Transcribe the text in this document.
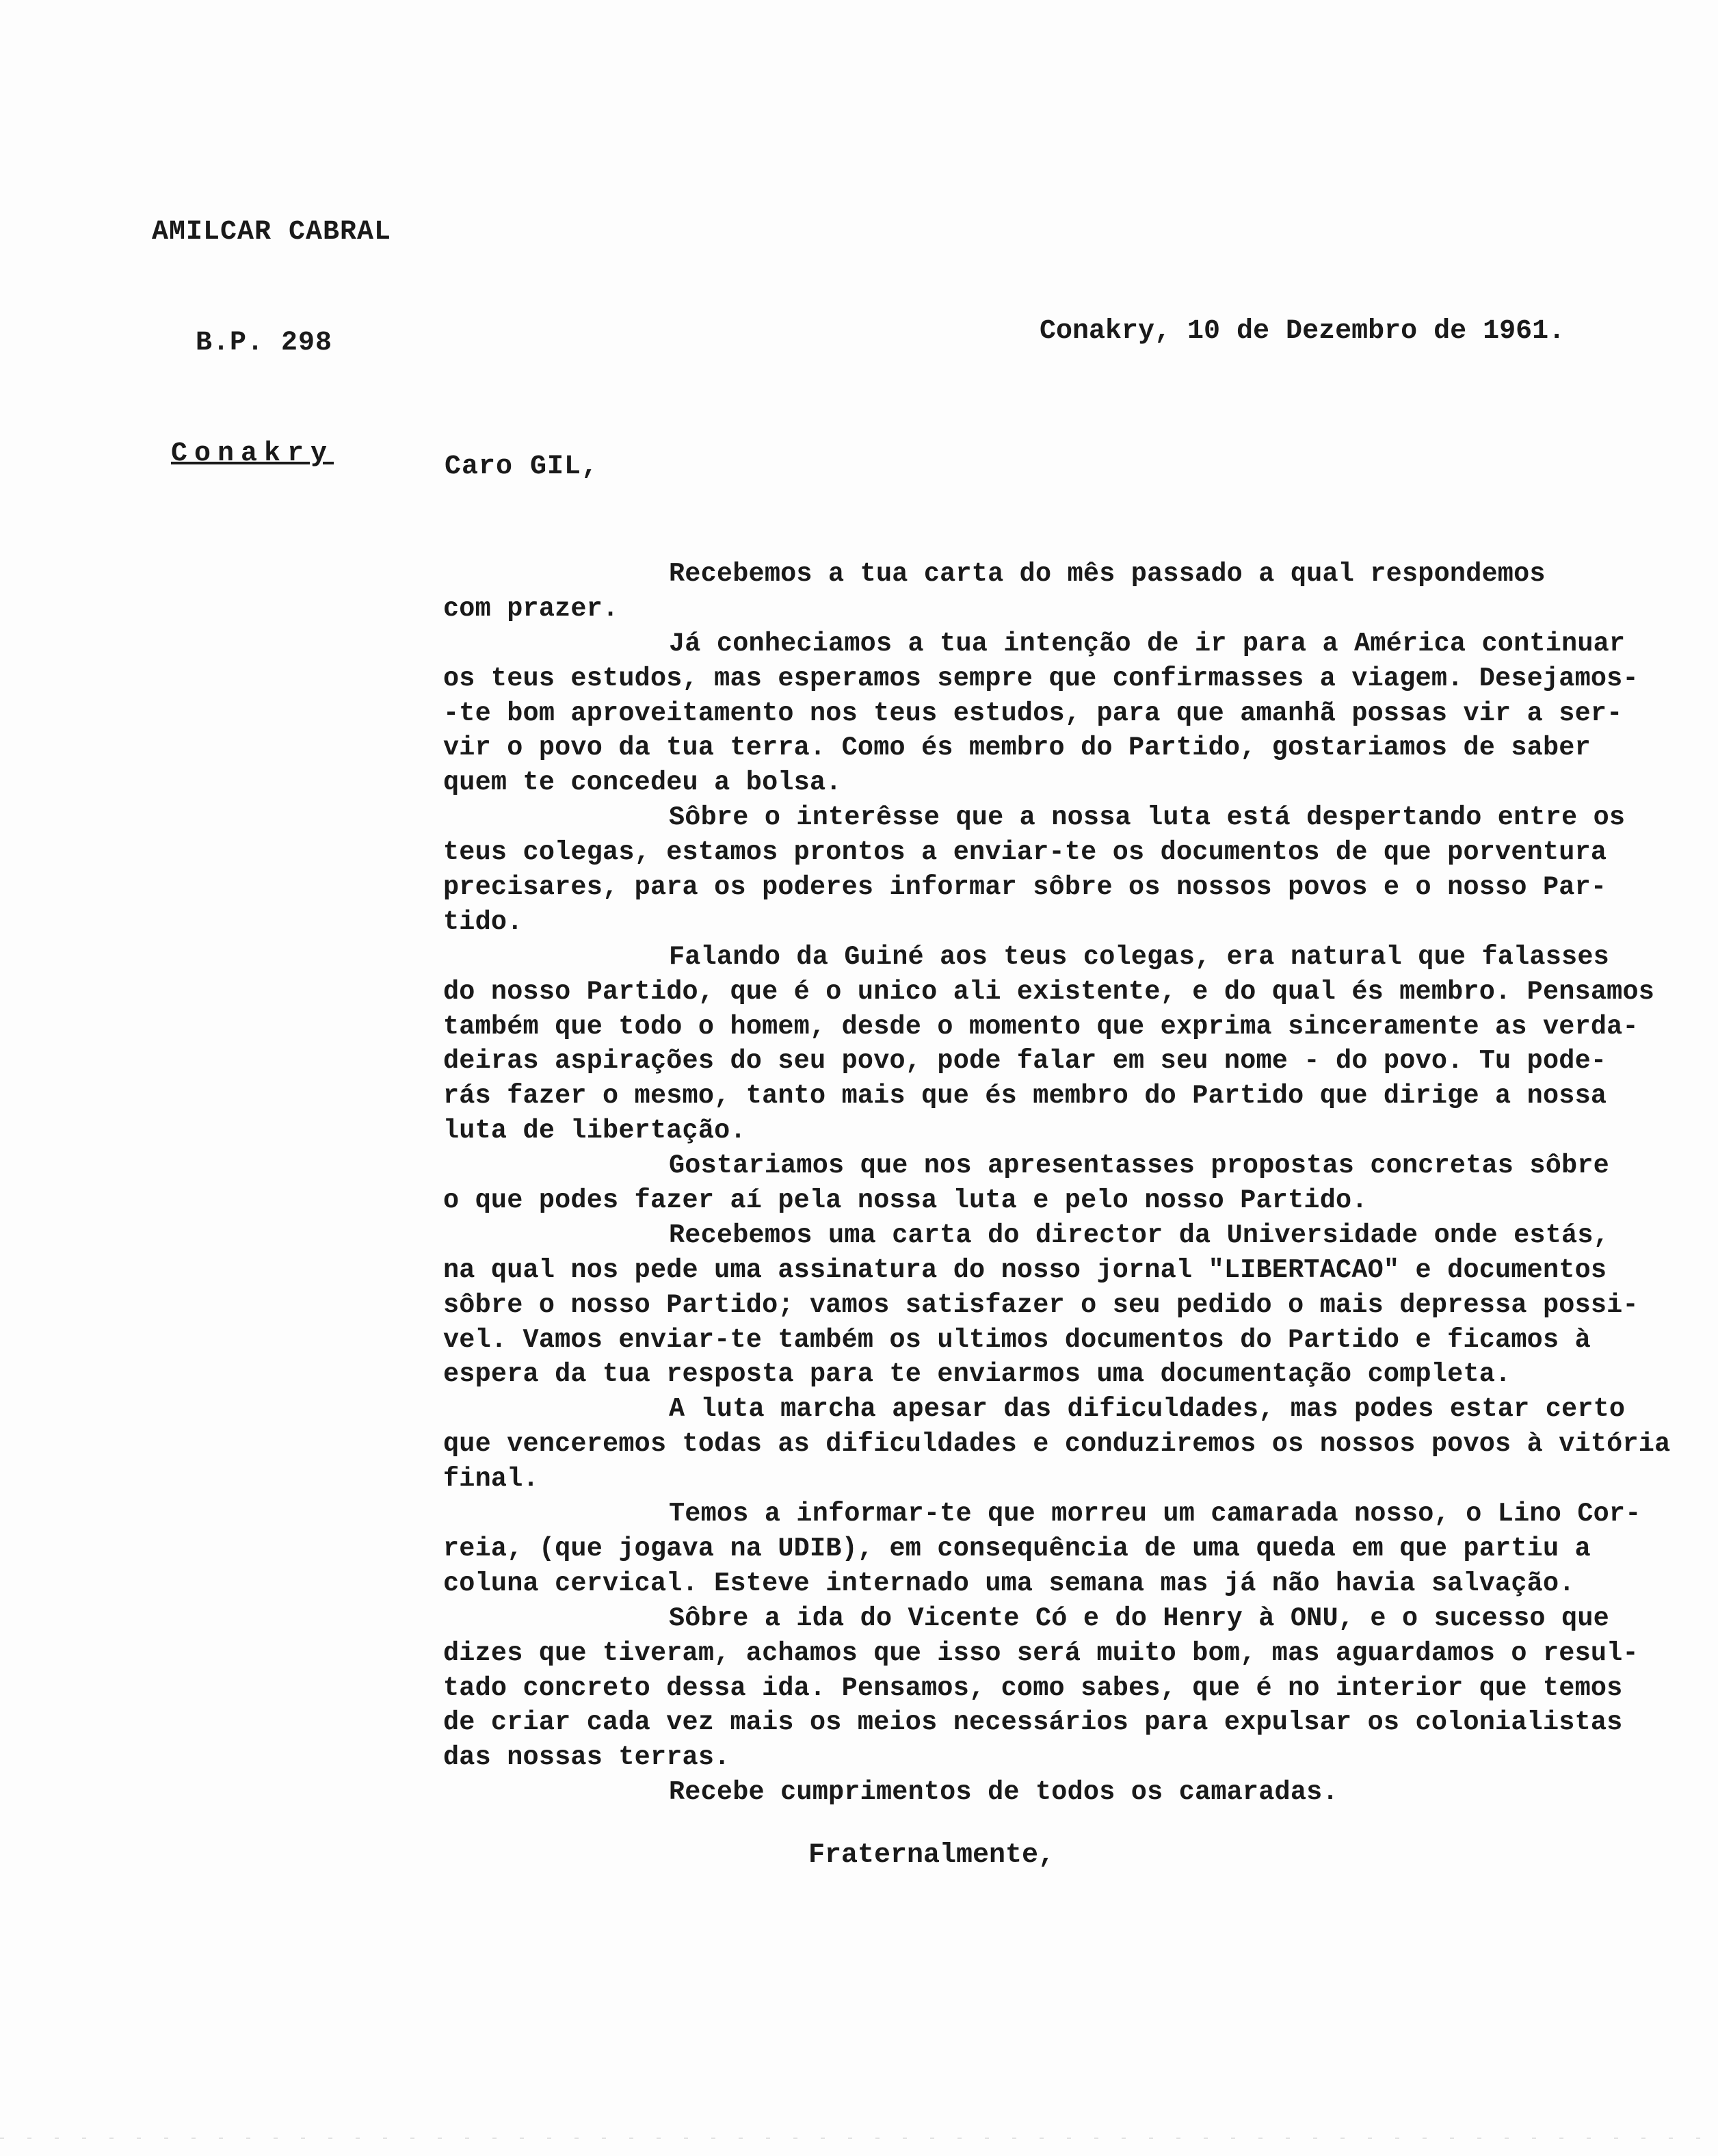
AMILCAR CABRAL

B.P. 298

Conakry

Conakry, 10 de Dezembro de 1961.
Caro GIL,
Recebemos a tua carta do mês passado a qual respondemos
com prazer.
Já conheciamos a tua intenção de ir para a América continuar
os teus estudos, mas esperamos sempre que confirmasses a viagem. Desejamos-
-te bom aproveitamento nos teus estudos, para que amanhã possas vir a ser-
vir o povo da tua terra. Como és membro do Partido, gostariamos de saber
quem te concedeu a bolsa.
Sôbre o interêsse que a nossa luta está despertando entre os
teus colegas, estamos prontos a enviar-te os documentos de que porventura
precisares, para os poderes informar sôbre os nossos povos e o nosso Par-
tido.
Falando da Guiné aos teus colegas, era natural que falasses
do nosso Partido, que é o unico ali existente, e do qual és membro. Pensamos
também que todo o homem, desde o momento que exprima sinceramente as verda-
deiras aspirações do seu povo, pode falar em seu nome - do povo. Tu pode-
rás fazer o mesmo, tanto mais que és membro do Partido que dirige a nossa
luta de libertação.
Gostariamos que nos apresentasses propostas concretas sôbre
o que podes fazer aí pela nossa luta e pelo nosso Partido.
Recebemos uma carta do director da Universidade onde estás,
na qual nos pede uma assinatura do nosso jornal "LIBERTACAO" e documentos
sôbre o nosso Partido; vamos satisfazer o seu pedido o mais depressa possi-
vel. Vamos enviar-te também os ultimos documentos do Partido e ficamos à
espera da tua resposta para te enviarmos uma documentação completa.
A luta marcha apesar das dificuldades, mas podes estar certo
que venceremos todas as dificuldades e conduziremos os nossos povos à vitória
final.
Temos a informar-te que morreu um camarada nosso, o Lino Cor-
reia, (que jogava na UDIB), em consequência de uma queda em que partiu a
coluna cervical. Esteve internado uma semana mas já não havia salvação.
Sôbre a ida do Vicente Có e do Henry à ONU, e o sucesso que
dizes que tiveram, achamos que isso será muito bom, mas aguardamos o resul-
tado concreto dessa ida. Pensamos, como sabes, que é no interior que temos
de criar cada vez mais os meios necessários para expulsar os colonialistas
das nossas terras.
Recebe cumprimentos de todos os camaradas.
Fraternalmente,
